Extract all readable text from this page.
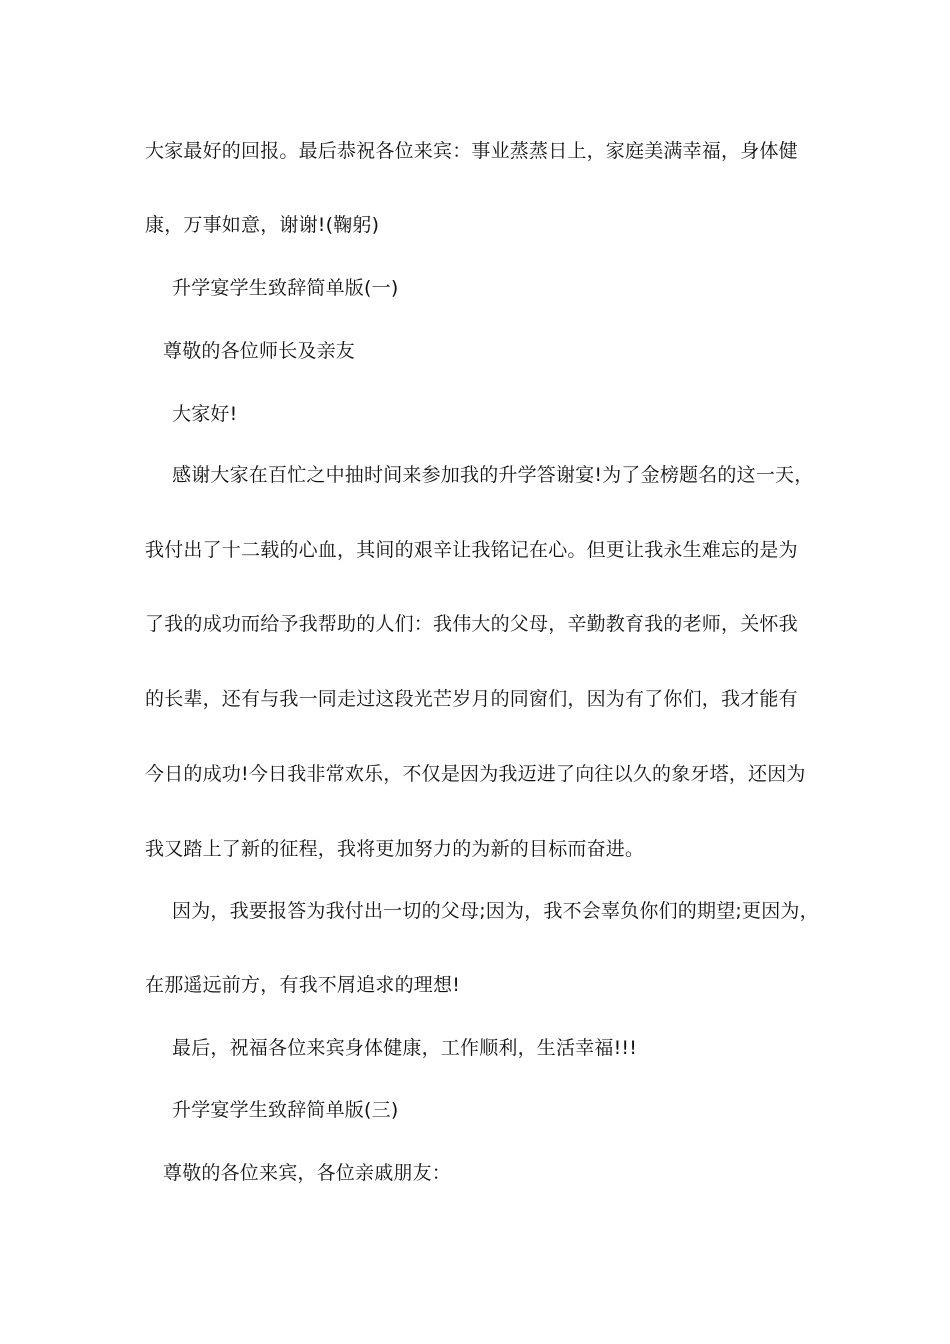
大家最好的回报。最后恭祝各位来宾：事业蒸蒸日上，家庭美满幸福，身体健
康，万事如意，谢谢!(鞠躬)
升学宴学生致辞简单版(一)
尊敬的各位师长及亲友
大家好!
感谢大家在百忙之中抽时间来参加我的升学答谢宴!为了金榜题名的这一天，
我付出了十二载的心血，其间的艰辛让我铭记在心。但更让我永生难忘的是为
了我的成功而给予我帮助的人们：我伟大的父母，辛勤教育我的老师，关怀我
的长辈，还有与我一同走过这段光芒岁月的同窗们，因为有了你们，我才能有
今日的成功!今日我非常欢乐，不仅是因为我迈进了向往以久的象牙塔，还因为
我又踏上了新的征程，我将更加努力的为新的目标而奋进。
因为，我要报答为我付出一切的父母;因为，我不会辜负你们的期望;更因为，
在那遥远前方，有我不屑追求的理想!
最后，祝福各位来宾身体健康，工作顺利，生活幸福!!!
升学宴学生致辞简单版(三)
尊敬的各位来宾，各位亲戚朋友：
